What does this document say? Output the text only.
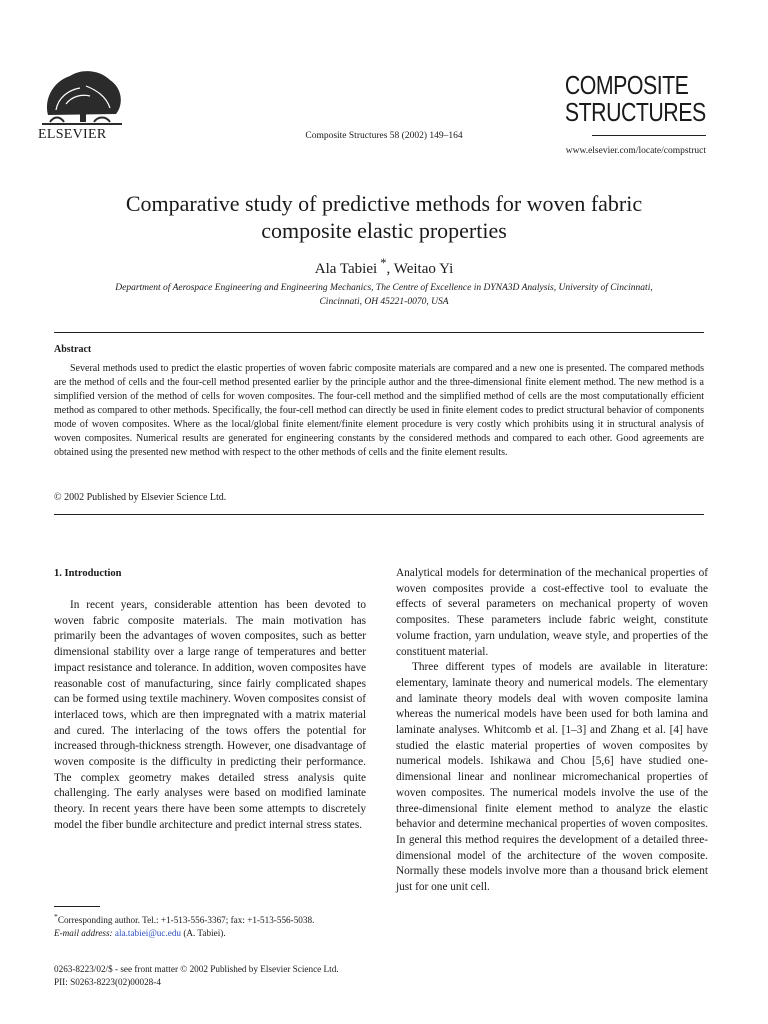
ELSEVIER	Composite Structures 58 (2002) 149–164
COMPOSITE
STRUCTURES
www.elsevier.com/locate/compstruct
Comparative study of predictive methods for woven fabric
composite elastic properties
Ala Tabiei *, Weitao Yi
Department of Aerospace Engineering and Engineering Mechanics, The Centre of Excellence in DYNA3D Analysis, University of Cincinnati,
Cincinnati, OH 45221-0070, USA
Abstract

Several methods used to predict the elastic properties of woven fabric composite materials are compared and a new one is presented. The compared methods are the method of cells and the four-cell method presented earlier by the principle author and the three-dimensional finite element method. The new method is a simplified version of the method of cells for woven composites. The four-cell method and the simplified method of cells are the most computationally efficient method as compared to other methods. Specifically, the four-cell method can directly be used in finite element codes to predict structural behavior of components mode of woven composites. Where as the local/global finite element/finite element procedure is very costly which prohibits using it in structural analysis of woven composites. Numerical results are generated for engineering constants by the considered methods and compared to each other. Good agreements are obtained using the presented new method with respect to the other methods of cells and the finite element results.

© 2002 Published by Elsevier Science Ltd.
1. Introduction

In recent years, considerable attention has been devoted to woven fabric composite materials. The main motivation has primarily been the advantages of woven composites, such as better dimensional stability over a large range of temperatures and better impact resistance and tolerance. In addition, woven composites have reasonable cost of manufacturing, since fairly complicated shapes can be formed using textile machinery. Woven composites consist of interlaced tows, which are then impregnated with a matrix material and cured. The interlacing of the tows offers the potential for increased through-thickness strength. However, one disadvantage of woven composite is the difficulty in predicting their performance. The complex geometry makes detailed stress analysis quite challenging. The early analyses were based on modified laminate theory. In recent years there have been some attempts to discretely model the fiber bundle architecture and predict internal stress states.

Analytical models for determination of the mechanical properties of woven composites provide a cost-effective tool to evaluate the effects of several parameters on mechanical property of woven composites. These parameters include fabric weight, constitute volume fraction, yarn undulation, weave style, and properties of the constituent material.

Three different types of models are available in literature: elementary, laminate theory and numerical models. The elementary and laminate theory models deal with woven composite lamina whereas the numerical models have been used for both lamina and laminate analyses. Whitcomb et al. [1–3] and Zhang et al. [4] have studied the elastic material properties of woven composites by numerical models. Ishikawa and Chou [5,6] have studied one-dimensional linear and nonlinear micromechanical properties of woven composites. The numerical models involve the use of the three-dimensional finite element method to analyze the elastic behavior and determine mechanical properties of woven composites. In general this method requires the development of a detailed three-dimensional model of the architecture of the woven composite. Normally these models involve more than a thousand brick element just for one unit cell.

*Corresponding author. Tel.: +1-513-556-3367; fax: +1-513-556-5038.

E-mail address: ala.tabiei@uc.edu (A. Tabiei).

0263-8223/02/$ - see front matter © 2002 Published by Elsevier Science Ltd.
PII: S0263-8223(02)00028-4
